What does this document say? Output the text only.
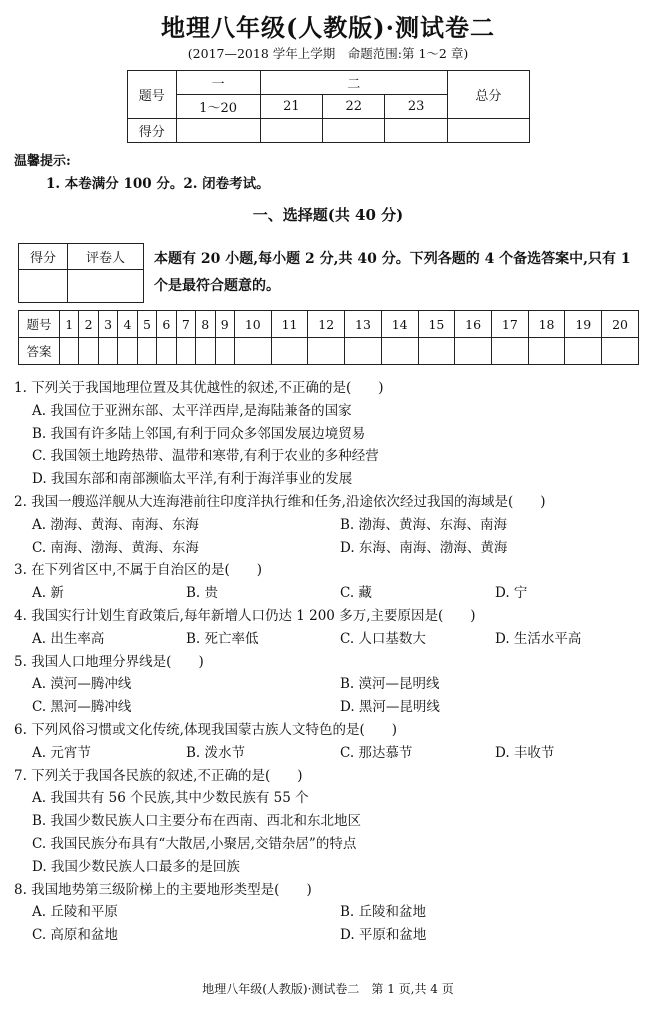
地理八年级(人教版)·测试卷二
(2017—2018 学年上学期　命题范围:第 1～2 章)
题号	一	二			总分
	1～20	21	22	23	
得分					
温馨提示:
1. 本卷满分 100 分。2. 闭卷考试。
一、选择题(共 40 分)
得分	评卷人
	本题有 20 小题,每小题 2 分,共 40 分。下列各题的 4 个备选答案中,只有 1 个是最符合题意的。
题号	1	2	3	4	5	6	7	8	9	10	11	12	13	14	15	16	17	18	19	20
答案																				
1. 下列关于我国地理位置及其优越性的叙述,不正确的是(　　)
A. 我国位于亚洲东部、太平洋西岸,是海陆兼备的国家
B. 我国有许多陆上邻国,有利于同众多邻国发展边境贸易
C. 我国领土地跨热带、温带和寒带,有利于农业的多种经营
D. 我国东部和南部濒临太平洋,有利于海洋事业的发展
2. 我国一艘巡洋舰从大连海港前往印度洋执行维和任务,沿途依次经过我国的海域是(　　)
A. 渤海、黄海、南海、东海	B. 渤海、黄海、东海、南海
C. 南海、渤海、黄海、东海	D. 东海、南海、渤海、黄海
3. 在下列省区中,不属于自治区的是(　　)
A. 新	B. 贵	C. 藏	D. 宁
4. 我国实行计划生育政策后,每年新增人口仍达 1 200 多万,主要原因是(　　)
A. 出生率高	B. 死亡率低	C. 人口基数大	D. 生活水平高
5. 我国人口地理分界线是(　　)
A. 漠河—腾冲线	B. 漠河—昆明线
C. 黑河—腾冲线	D. 黑河—昆明线
6. 下列风俗习惯或文化传统,体现我国蒙古族人文特色的是(　　)
A. 元宵节	B. 泼水节	C. 那达慕节	D. 丰收节
7. 下列关于我国各民族的叙述,不正确的是(　　)
A. 我国共有 56 个民族,其中少数民族有 55 个
B. 我国少数民族人口主要分布在西南、西北和东北地区
C. 我国民族分布具有“大散居,小聚居,交错杂居”的特点
D. 我国少数民族人口最多的是回族
8. 我国地势第三级阶梯上的主要地形类型是(　　)
A. 丘陵和平原	B. 丘陵和盆地
C. 高原和盆地	D. 平原和盆地
地理八年级(人教版)·测试卷二　第 1 页,共 4 页
